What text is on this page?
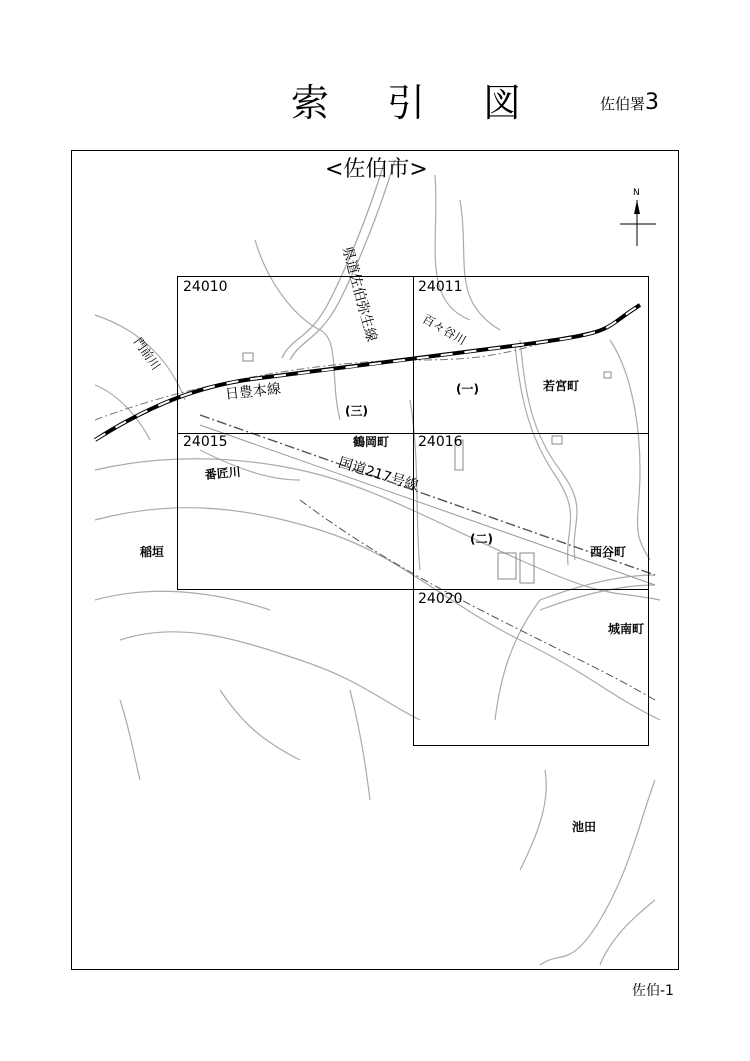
索 引 図	佐伯署3
24010	24011
24015	24016
24020
<佐伯市>
N
県道佐伯弥生線
門前川
百々谷川
日豊本線
(三)
(一)
(二)
若宮町
鶴岡町
国道217号線
番匠川
稲垣	西谷町
城南町
池田
佐伯-1
